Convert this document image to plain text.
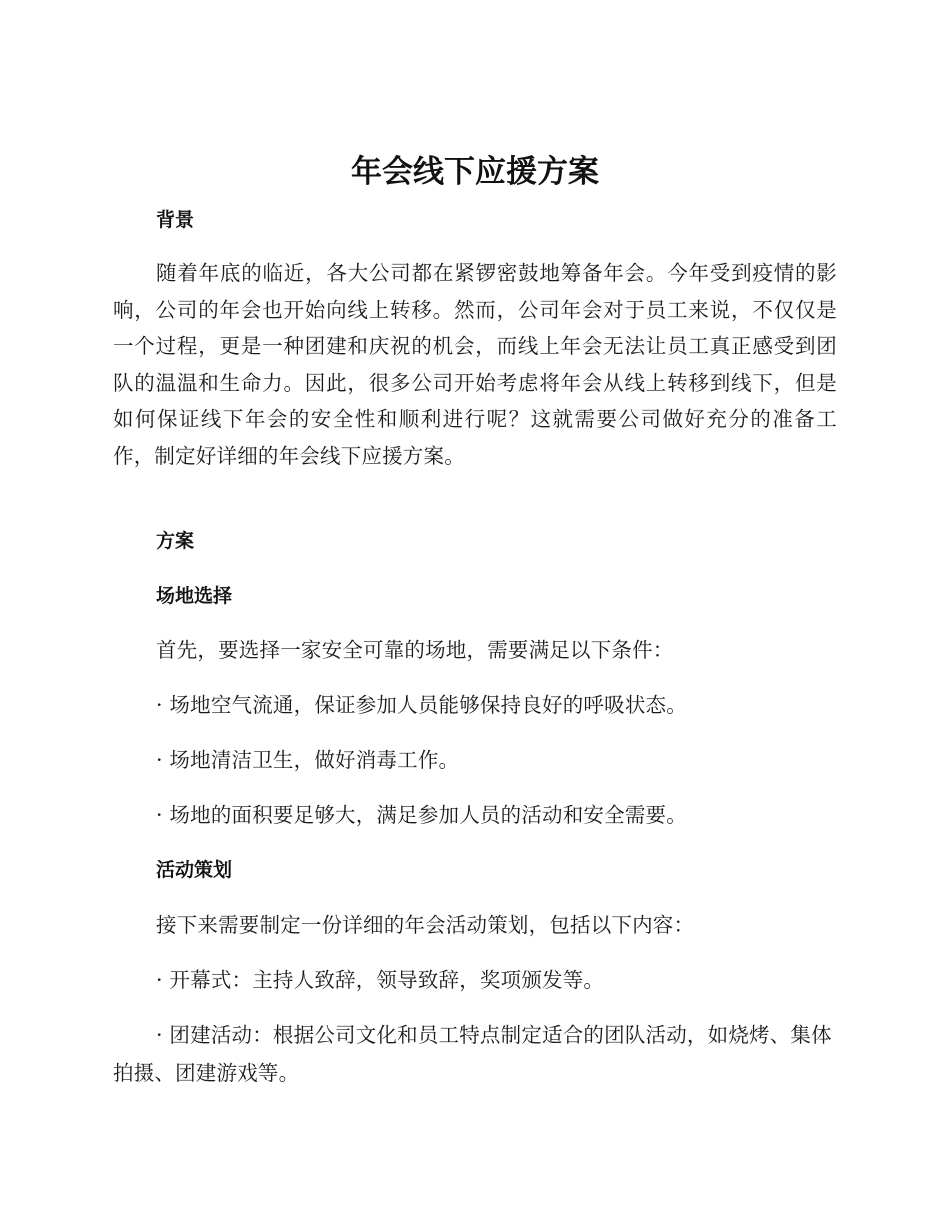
年会线下应援方案
背景

随着年底的临近，各大公司都在紧锣密鼓地筹备年会。今年受到疫情的影响，公司的年会也开始向线上转移。然而，公司年会对于员工来说，不仅仅是一个过程，更是一种团建和庆祝的机会，而线上年会无法让员工真正感受到团队的温温和生命力。因此，很多公司开始考虑将年会从线上转移到线下，但是如何保证线下年会的安全性和顺利进行呢？这就需要公司做好充分的准备工作，制定好详细的年会线下应援方案。

方案
场地选择

首先，要选择一家安全可靠的场地，需要满足以下条件：

· 场地空气流通，保证参加人员能够保持良好的呼吸状态。

· 场地清洁卫生，做好消毒工作。

· 场地的面积要足够大，满足参加人员的活动和安全需要。

活动策划

接下来需要制定一份详细的年会活动策划，包括以下内容：

· 开幕式：主持人致辞，领导致辞，奖项颁发等。

· 团建活动：根据公司文化和员工特点制定适合的团队活动，如烧烤、集体拍摄、团建游戏等。
